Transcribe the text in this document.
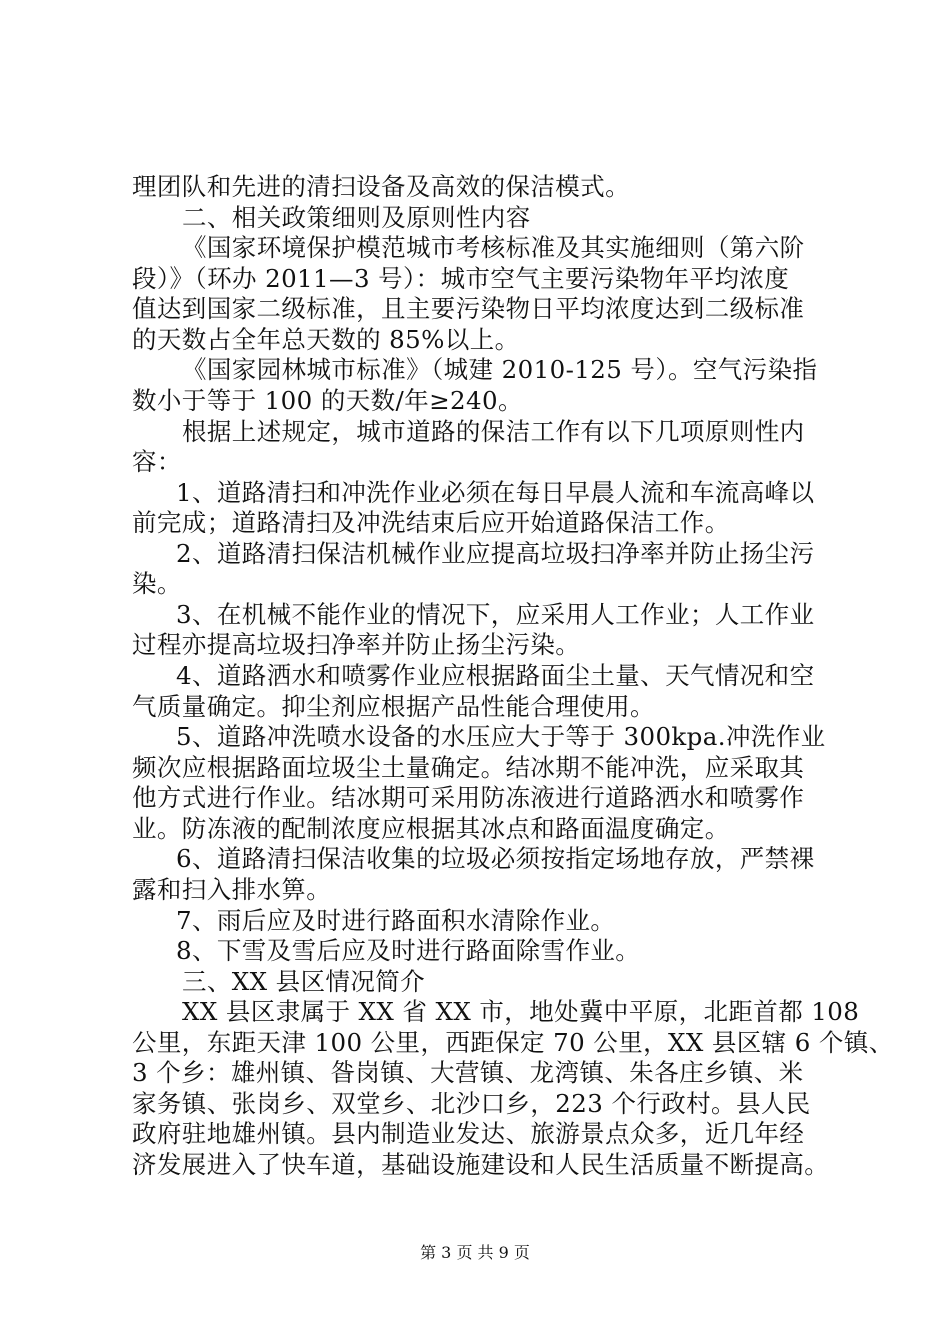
理团队和先进的清扫设备及高效的保洁模式。
二、相关政策细则及原则性内容
《国家环境保护模范城市考核标准及其实施细则（第六阶
段）》（环办 2011—3 号）：城市空气主要污染物年平均浓度
值达到国家二级标准，且主要污染物日平均浓度达到二级标准
的天数占全年总天数的 85%以上。
《国家园林城市标准》（城建 2010-125 号）。空气污染指
数小于等于 100 的天数/年≥240。
根据上述规定，城市道路的保洁工作有以下几项原则性内
容：
1、道路清扫和冲洗作业必须在每日早晨人流和车流高峰以
前完成；道路清扫及冲洗结束后应开始道路保洁工作。
2、道路清扫保洁机械作业应提高垃圾扫净率并防止扬尘污
染。
3、在机械不能作业的情况下，应采用人工作业；人工作业
过程亦提高垃圾扫净率并防止扬尘污染。
4、道路洒水和喷雾作业应根据路面尘土量、天气情况和空
气质量确定。抑尘剂应根据产品性能合理使用。
5、道路冲洗喷水设备的水压应大于等于 300kpa.冲洗作业
频次应根据路面垃圾尘土量确定。结冰期不能冲洗，应采取其
他方式进行作业。结冰期可采用防冻液进行道路洒水和喷雾作
业。防冻液的配制浓度应根据其冰点和路面温度确定。
6、道路清扫保洁收集的垃圾必须按指定场地存放，严禁裸
露和扫入排水箅。
7、雨后应及时进行路面积水清除作业。
8、下雪及雪后应及时进行路面除雪作业。
三、XX 县区情况简介
XX 县区隶属于 XX 省 XX 市，地处冀中平原，北距首都 108
公里，东距天津 100 公里，西距保定 70 公里，XX 县区辖 6 个镇、
3 个乡：雄州镇、昝岗镇、大营镇、龙湾镇、朱各庄乡镇、米
家务镇、张岗乡、双堂乡、北沙口乡，223 个行政村。县人民
政府驻地雄州镇。县内制造业发达、旅游景点众多，近几年经
济发展进入了快车道，基础设施建设和人民生活质量不断提高。
第 3 页 共 9 页
